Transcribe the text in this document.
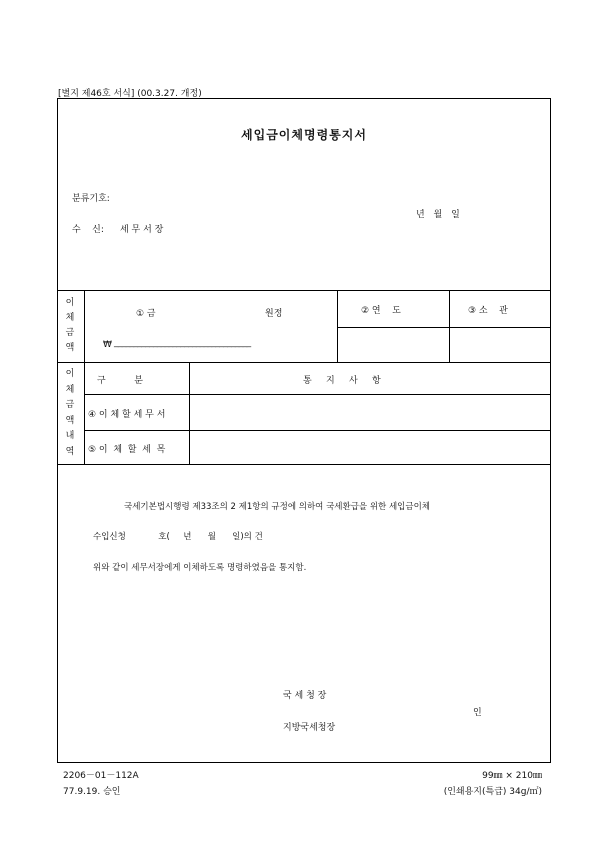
[별지 제46호 서식] (00.3.27. 개정)
세입금이체명령통지서
분류기호:
년 월 일
수    신: 세 무 서 장
이
체
금
액
① 금	원정
₩ ___________________________________
② 연    도	③ 소    관
이
체
금
액
내
역
구          분	통     지     사     항
④ 이 체 할 세 무 서
⑤ 이  체  할  세  목
국세기본법시행령 제33조의 2 제1항의 규정에 의하여 국세환급을 위한 세입금이체
수입신청            호(     년      월      일)의 건
위와 같이 세무서장에게 이체하도록 명령하였음을 통지함.
국 세 청 장
인
지방국세청장
2206－01－112A
77.9.19. 승인
99㎜ × 210㎜
(인쇄용지(특급) 34g/㎡)
